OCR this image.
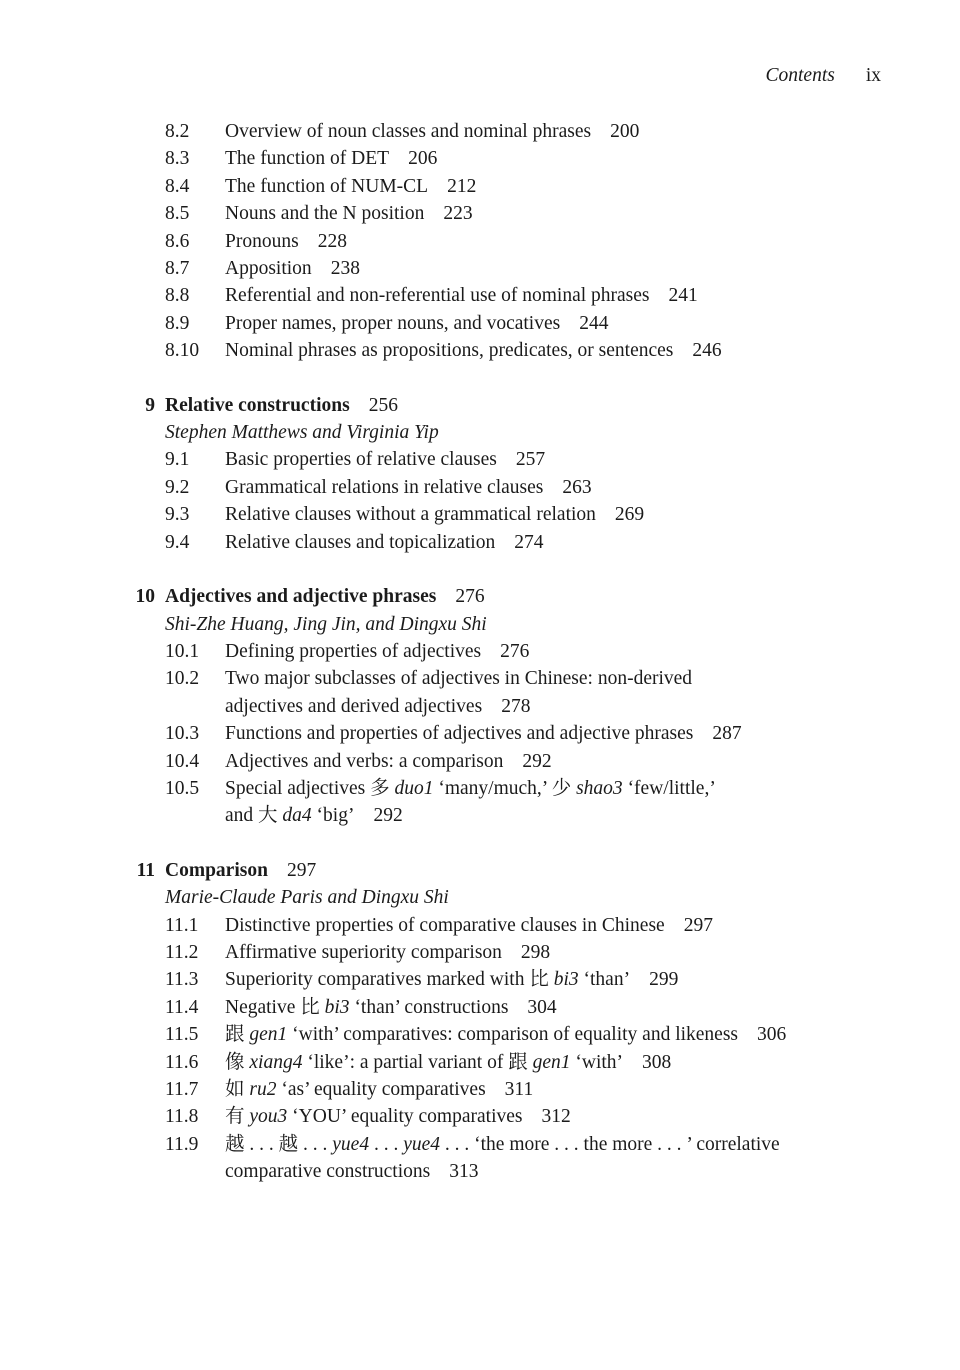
Contents ix
8.2	Overview of noun classes and nominal phrases 200
8.3	The function of DET 206
8.4	The function of NUM-CL 212
8.5	Nouns and the N position 223
8.6	Pronouns 228
8.7	Apposition 238
8.8	Referential and non-referential use of nominal phrases 241
8.9	Proper names, proper nouns, and vocatives 244
8.10	Nominal phrases as propositions, predicates, or sentences 246
9 Relative constructions 256
Stephen Matthews and Virginia Yip
9.1	Basic properties of relative clauses 257
9.2	Grammatical relations in relative clauses 263
9.3	Relative clauses without a grammatical relation 269
9.4	Relative clauses and topicalization 274
10 Adjectives and adjective phrases 276
Shi-Zhe Huang, Jing Jin, and Dingxu Shi
10.1	Defining properties of adjectives 276
10.2	Two major subclasses of adjectives in Chinese: non-derived
adjectives and derived adjectives 278
10.3	Functions and properties of adjectives and adjective phrases 287
10.4	Adjectives and verbs: a comparison 292
10.5	Special adjectives 多 duo1 ‘many/much,’ 少 shao3 ‘few/little,’
and 大 da4 ‘big’ 292
11 Comparison 297
Marie-Claude Paris and Dingxu Shi
11.1	Distinctive properties of comparative clauses in Chinese 297
11.2	Affirmative superiority comparison 298
11.3	Superiority comparatives marked with 比 bi3 ‘than’ 299
11.4	Negative 比 bi3 ‘than’ constructions 304
11.5	跟 gen1 ‘with’ comparatives: comparison of equality and likeness 306
11.6	像 xiang4 ‘like’: a partial variant of 跟 gen1 ‘with’ 308
11.7	如 ru2 ‘as’ equality comparatives 311
11.8	有 you3 ‘YOU’ equality comparatives 312
11.9	越 . . . 越 . . . yue4 . . . yue4 . . . ‘the more . . . the more . . . ’ correlative
comparative constructions 313
